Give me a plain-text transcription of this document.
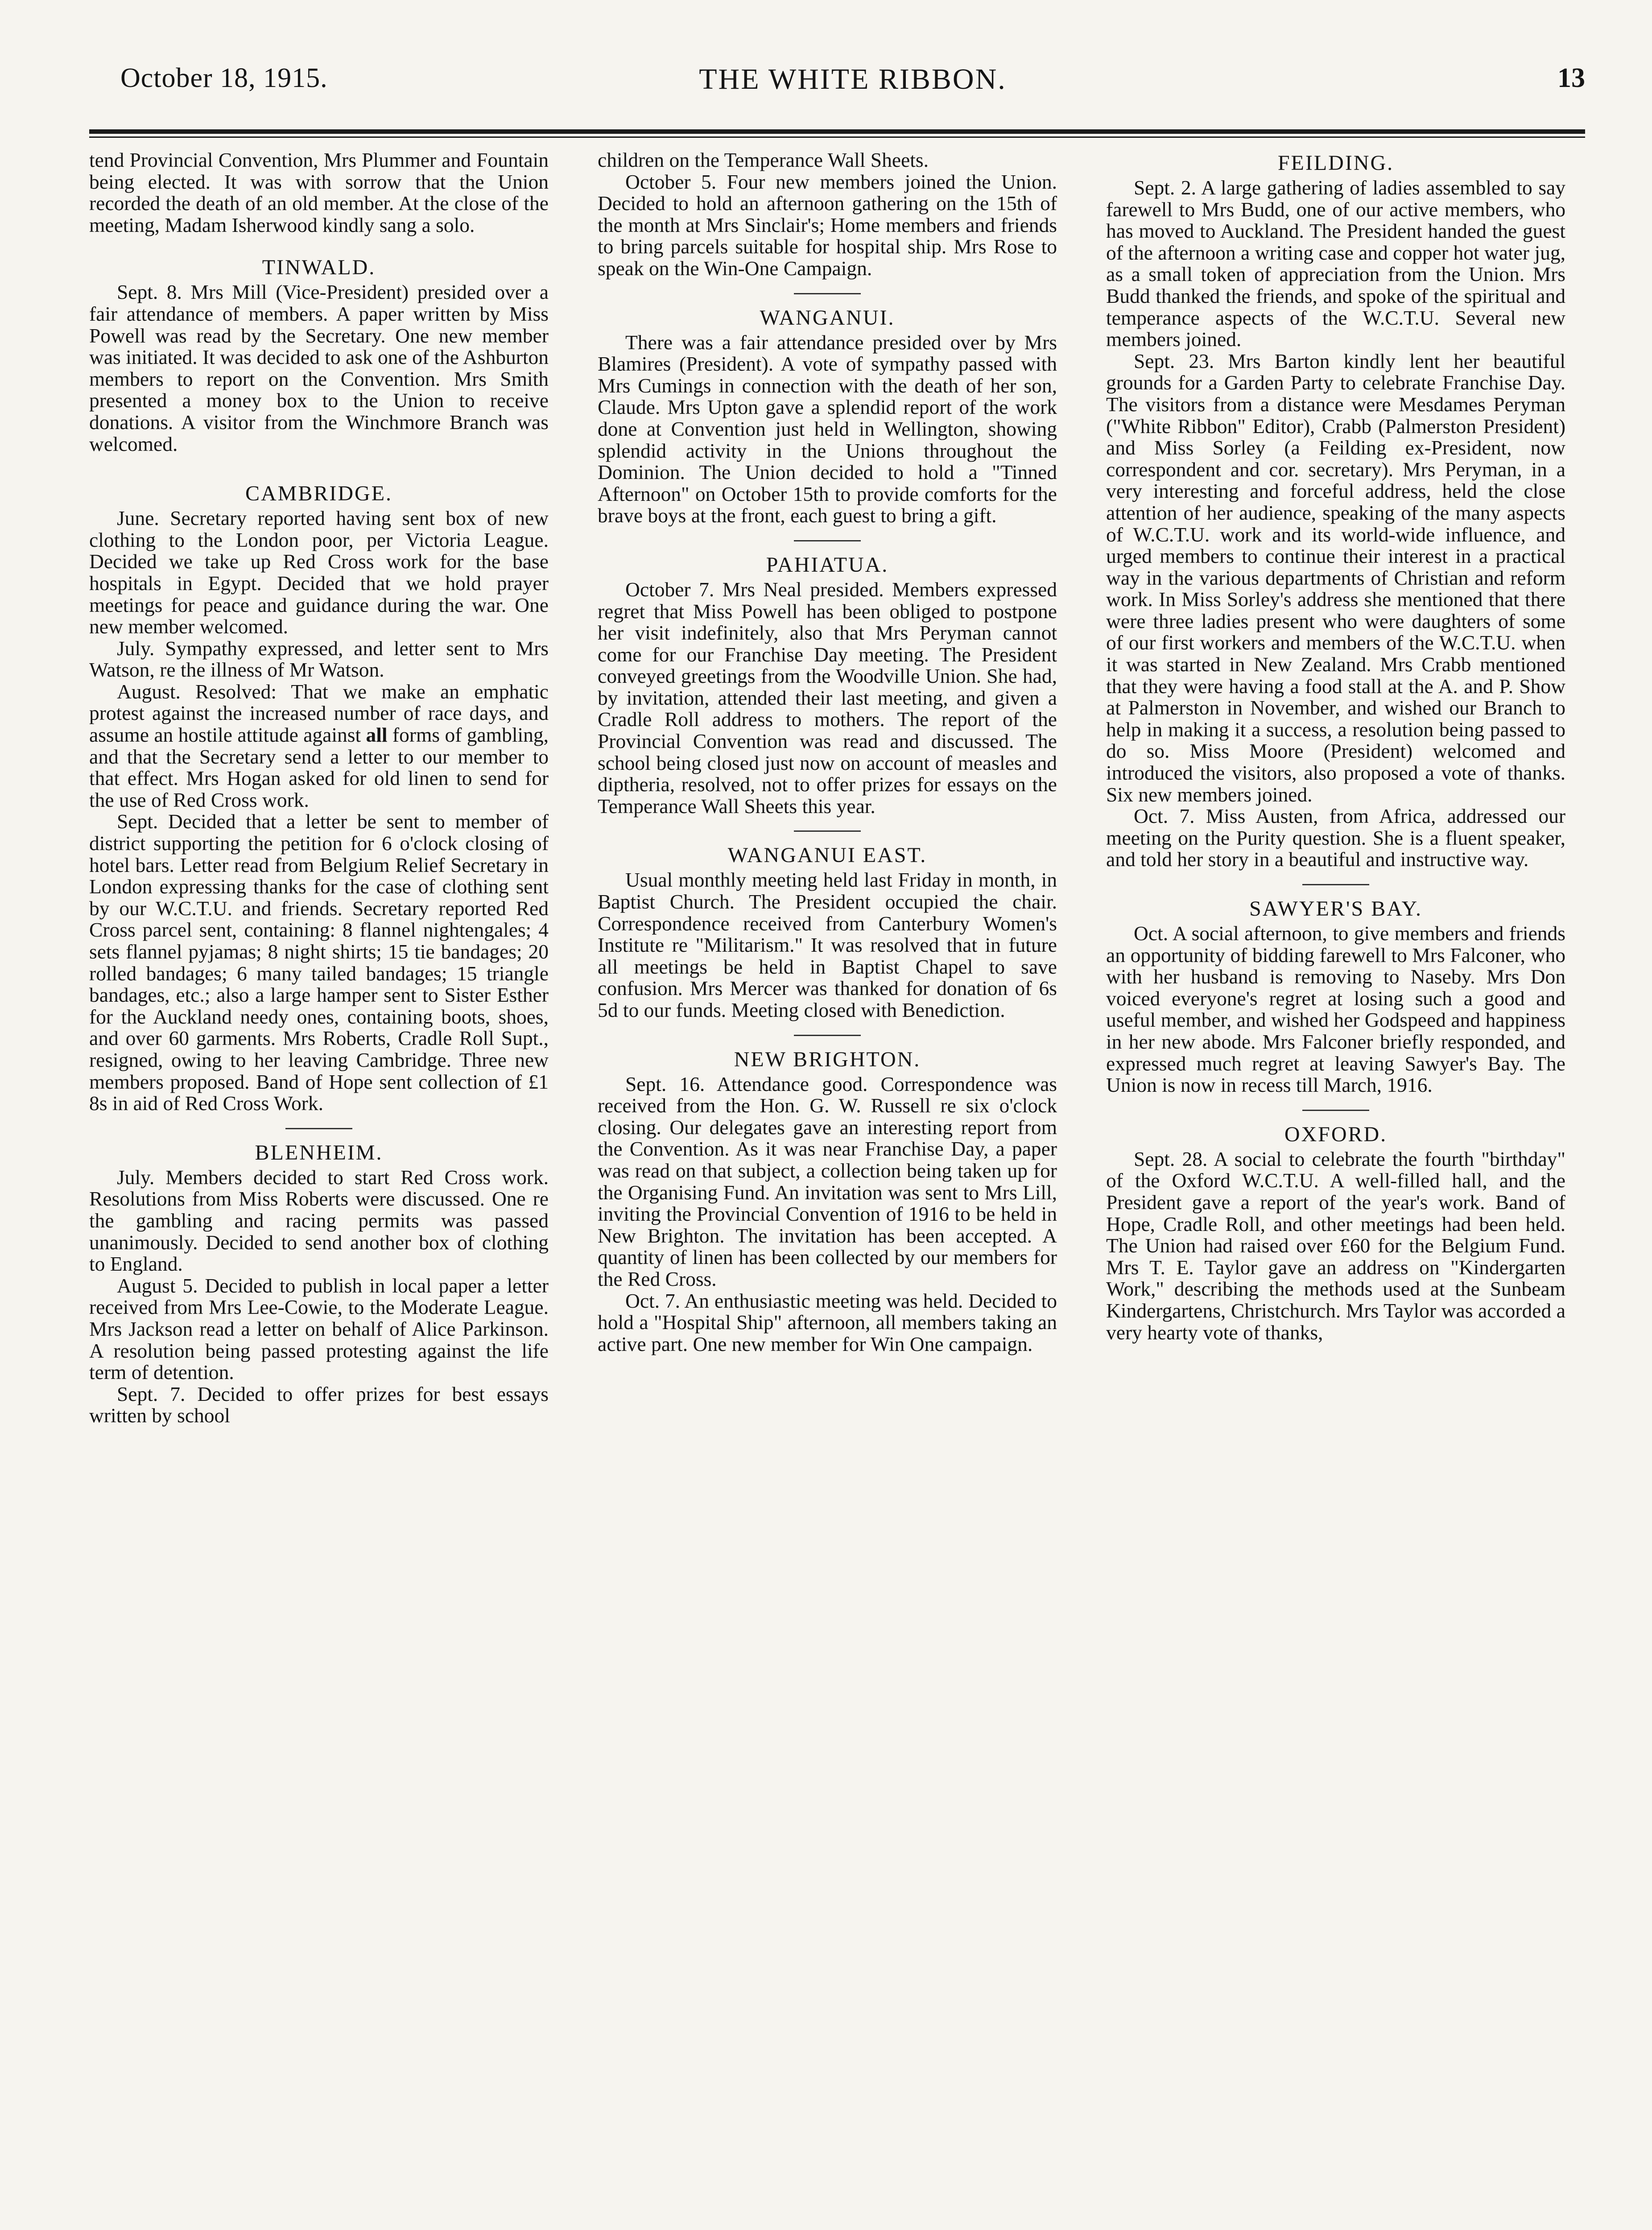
October 18, 1915.	THE WHITE RIBBON.	13

tend Provincial Convention, Mrs Plummer and Fountain being elected. It was with sorrow that the Union recorded the death of an old member. At the close of the meeting, Madam Isherwood kindly sang a solo.

TINWALD.

Sept. 8. Mrs Mill (Vice-President) presided over a fair attendance of members. A paper written by Miss Powell was read by the Secretary. One new member was initiated. It was decided to ask one of the Ashburton members to report on the Convention. Mrs Smith presented a money box to the Union to receive donations. A visitor from the Winchmore Branch was welcomed.

CAMBRIDGE.

June. Secretary reported having sent box of new clothing to the London poor, per Victoria League. Decided we take up Red Cross work for the base hospitals in Egypt. Decided that we hold prayer meetings for peace and guidance during the war. One new member welcomed.

July. Sympathy expressed, and letter sent to Mrs Watson, re the illness of Mr Watson.

August. Resolved: That we make an emphatic protest against the increased number of race days, and assume an hostile attitude against all forms of gambling, and that the Secretary send a letter to our member to that effect. Mrs Hogan asked for old linen to send for the use of Red Cross work.

Sept. Decided that a letter be sent to member of district supporting the petition for 6 o'clock closing of hotel bars. Letter read from Belgium Relief Secretary in London expressing thanks for the case of clothing sent by our W.C.T.U. and friends. Secretary reported Red Cross parcel sent, containing: 8 flannel nightengales; 4 sets flannel pyjamas; 8 night shirts; 15 tie bandages; 20 rolled bandages; 6 many tailed bandages; 15 triangle bandages, etc.; also a large hamper sent to Sister Esther for the Auckland needy ones, containing boots, shoes, and over 60 garments. Mrs Roberts, Cradle Roll Supt., resigned, owing to her leaving Cambridge. Three new members proposed. Band of Hope sent collection of £1 8s in aid of Red Cross Work.

BLENHEIM.

July. Members decided to start Red Cross work. Resolutions from Miss Roberts were discussed. One re the gambling and racing permits was passed unanimously. Decided to send another box of clothing to England.

August 5. Decided to publish in local paper a letter received from Mrs Lee-Cowie, to the Moderate League. Mrs Jackson read a letter on behalf of Alice Parkinson. A resolution being passed protesting against the life term of detention.

Sept. 7. Decided to offer prizes for best essays written by school

children on the Temperance Wall Sheets.

October 5. Four new members joined the Union. Decided to hold an afternoon gathering on the 15th of the month at Mrs Sinclair's; Home members and friends to bring parcels suitable for hospital ship. Mrs Rose to speak on the Win-One Campaign.

WANGANUI.

There was a fair attendance presided over by Mrs Blamires (President). A vote of sympathy passed with Mrs Cumings in connection with the death of her son, Claude. Mrs Upton gave a splendid report of the work done at Convention just held in Wellington, showing splendid activity in the Unions throughout the Dominion. The Union decided to hold a "Tinned Afternoon" on October 15th to provide comforts for the brave boys at the front, each guest to bring a gift.

PAHIATUA.

October 7. Mrs Neal presided. Members expressed regret that Miss Powell has been obliged to postpone her visit indefinitely, also that Mrs Peryman cannot come for our Franchise Day meeting. The President conveyed greetings from the Woodville Union. She had, by invitation, attended their last meeting, and given a Cradle Roll address to mothers. The report of the Provincial Convention was read and discussed. The school being closed just now on account of measles and diptheria, resolved, not to offer prizes for essays on the Temperance Wall Sheets this year.

WANGANUI EAST.

Usual monthly meeting held last Friday in month, in Baptist Church. The President occupied the chair. Correspondence received from Canterbury Women's Institute re "Militarism." It was resolved that in future all meetings be held in Baptist Chapel to save confusion. Mrs Mercer was thanked for donation of 6s 5d to our funds. Meeting closed with Benediction.

NEW BRIGHTON.

Sept. 16. Attendance good. Correspondence was received from the Hon. G. W. Russell re six o'clock closing. Our delegates gave an interesting report from the Convention. As it was near Franchise Day, a paper was read on that subject, a collection being taken up for the Organising Fund. An invitation was sent to Mrs Lill, inviting the Provincial Convention of 1916 to be held in New Brighton. The invitation has been accepted. A quantity of linen has been collected by our members for the Red Cross.

Oct. 7. An enthusiastic meeting was held. Decided to hold a "Hospital Ship" afternoon, all members taking an active part. One new member for Win One campaign.

FEILDING.

Sept. 2. A large gathering of ladies assembled to say farewell to Mrs Budd, one of our active members, who has moved to Auckland. The President handed the guest of the afternoon a writing case and copper hot water jug, as a small token of appreciation from the Union. Mrs Budd thanked the friends, and spoke of the spiritual and temperance aspects of the W.C.T.U. Several new members joined.

Sept. 23. Mrs Barton kindly lent her beautiful grounds for a Garden Party to celebrate Franchise Day. The visitors from a distance were Mesdames Peryman ("White Ribbon" Editor), Crabb (Palmerston President) and Miss Sorley (a Feilding ex-President, now correspondent and cor. secretary). Mrs Peryman, in a very interesting and forceful address, held the close attention of her audience, speaking of the many aspects of W.C.T.U. work and its world-wide influence, and urged members to continue their interest in a practical way in the various departments of Christian and reform work. In Miss Sorley's address she mentioned that there were three ladies present who were daughters of some of our first workers and members of the W.C.T.U. when it was started in New Zealand. Mrs Crabb mentioned that they were having a food stall at the A. and P. Show at Palmerston in November, and wished our Branch to help in making it a success, a resolution being passed to do so. Miss Moore (President) welcomed and introduced the visitors, also proposed a vote of thanks. Six new members joined.

Oct. 7. Miss Austen, from Africa, addressed our meeting on the Purity question. She is a fluent speaker, and told her story in a beautiful and instructive way.

SAWYER'S BAY.

Oct. A social afternoon, to give members and friends an opportunity of bidding farewell to Mrs Falconer, who with her husband is removing to Naseby. Mrs Don voiced everyone's regret at losing such a good and useful member, and wished her Godspeed and happiness in her new abode. Mrs Falconer briefly responded, and expressed much regret at leaving Sawyer's Bay. The Union is now in recess till March, 1916.

OXFORD.

Sept. 28. A social to celebrate the fourth "birthday" of the Oxford W.C.T.U. A well-filled hall, and the President gave a report of the year's work. Band of Hope, Cradle Roll, and other meetings had been held. The Union had raised over £60 for the Belgium Fund. Mrs T. E. Taylor gave an address on "Kindergarten Work," describing the methods used at the Sunbeam Kindergartens, Christchurch. Mrs Taylor was accorded a very hearty vote of thanks,
